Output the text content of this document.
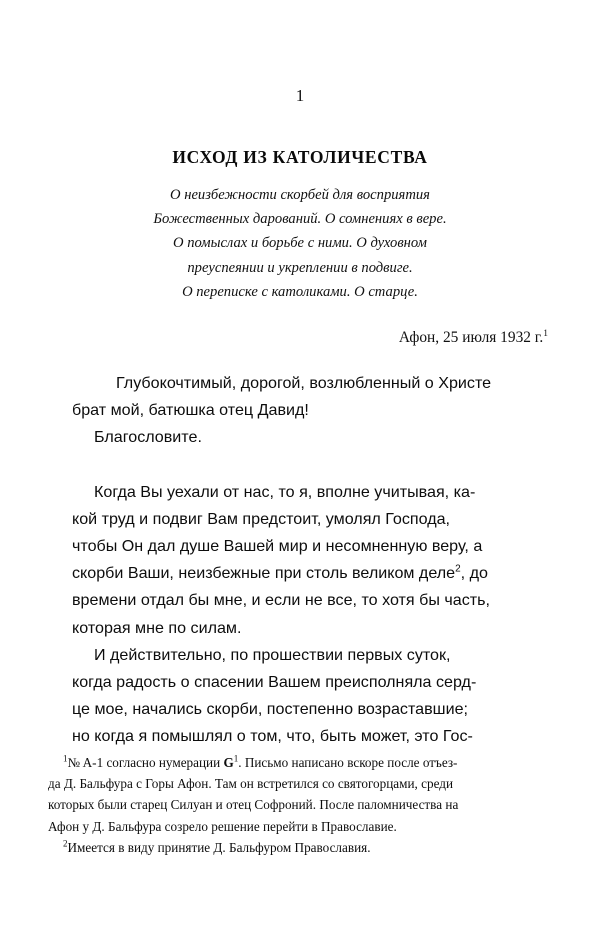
1
ИСХОД ИЗ КАТОЛИЧЕСТВА
О неизбежности скорбей для восприятия
Божественных дарований. О сомнениях в вере.
О помыслах и борьбе с ними. О духовном
преуспеянии и укреплении в подвиге.
О переписке с католиками. О старце.
Афон, 25 июля 1932 г.$^1$
Глубокочтимый, дорогой, возлюбленный о Христе
брат мой, батюшка отец Давид!
Благословите.
Когда Вы уехали от нас, то я, вполне учитывая, ка-
кой труд и подвиг Вам предстоит, умолял Господа,
чтобы Он дал душе Вашей мир и несомненную веру, а
скорби Ваши, неизбежные при столь великом деле$^2$, до
времени отдал бы мне, и если не все, то хотя бы часть,
которая мне по силам.
И действительно, по прошествии первых суток,
когда радость о спасении Вашем преисполняла серд-
це мое, начались скорби, постепенно возраставшие;
но когда я помышлял о том, что, быть может, это Гос-
$^1$№ A-1 согласно нумерации $G^1$. Письмо написано вскоре после отъез-
да Д. Бальфура с Горы Афон. Там он встретился со святогорцами, среди
которых были старец Силуан и отец Софроний. После паломничества на
Афон у Д. Бальфура созрело решение перейти в Православие.
$^2$Имеется в виду принятие Д. Бальфуром Православия.
